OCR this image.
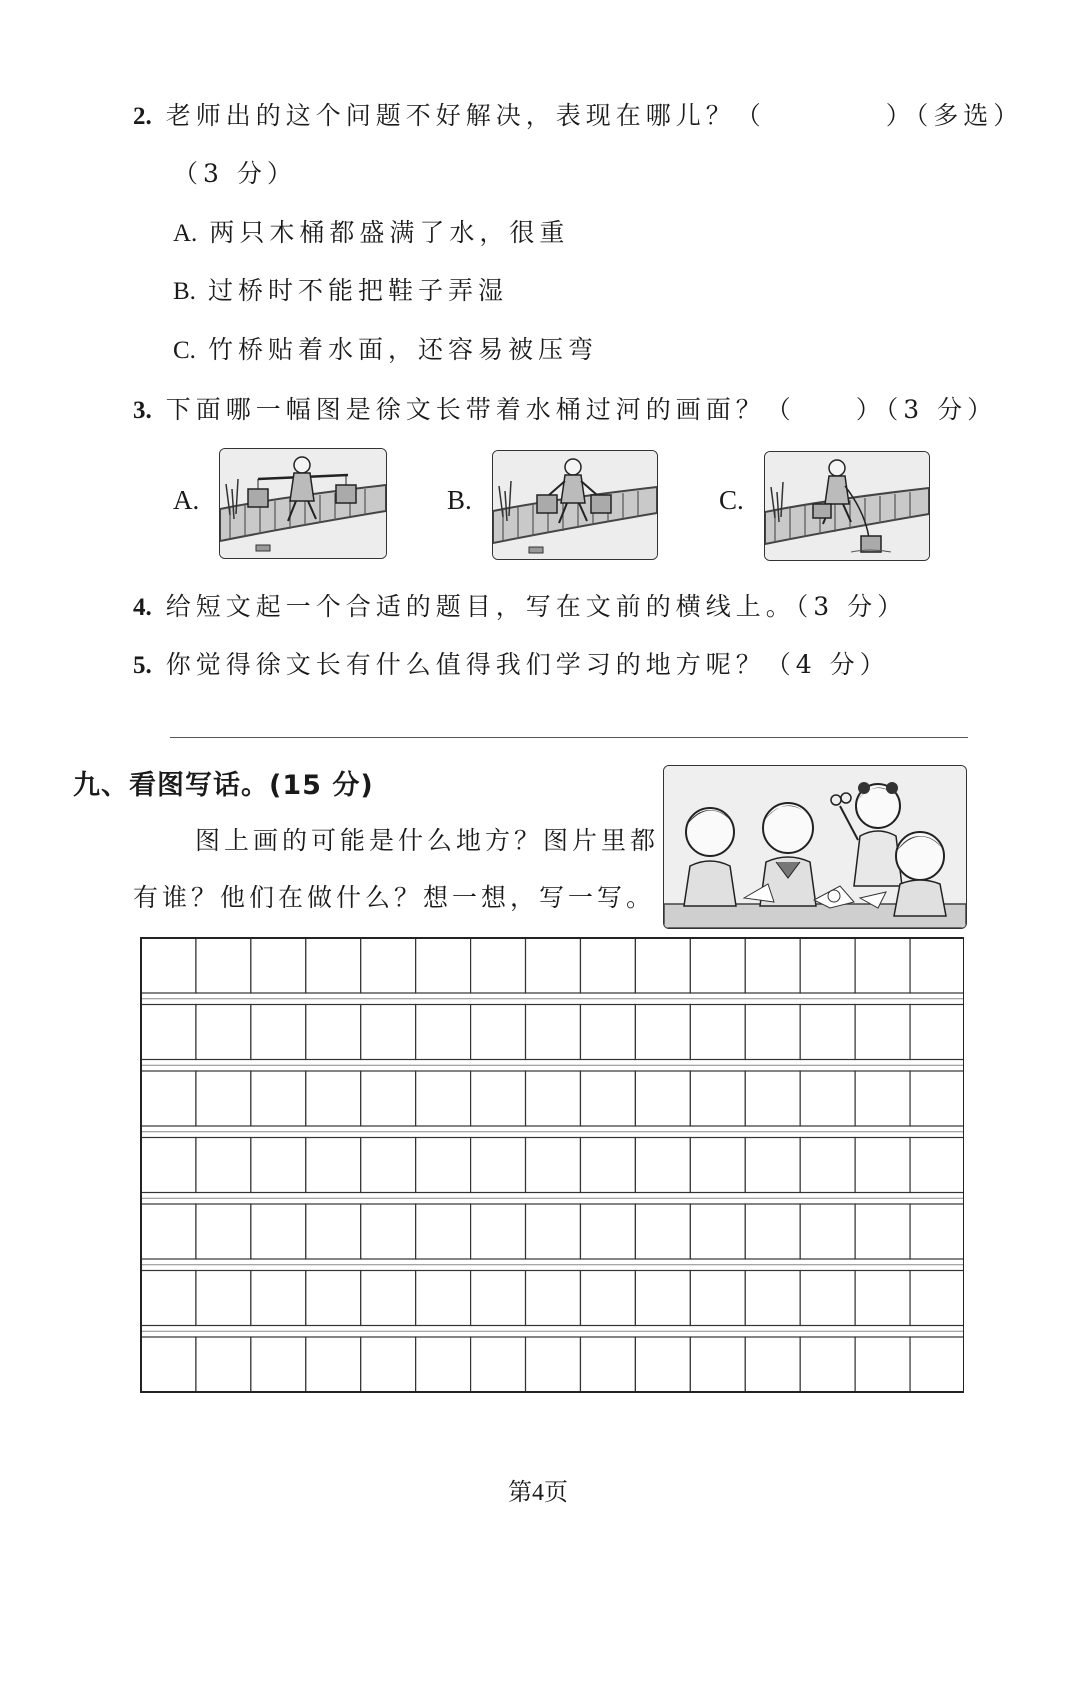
2. 老师出的这个问题不好解决，表现在哪儿？（　　　　）（多选）
（3 分）
A. 两只木桶都盛满了水，很重
B. 过桥时不能把鞋子弄湿
C. 竹桥贴着水面，还容易被压弯
3. 下面哪一幅图是徐文长带着水桶过河的画面？（　　）（3 分）
A.	B.	C.
4. 给短文起一个合适的题目，写在文前的横线上。（3 分）
5. 你觉得徐文长有什么值得我们学习的地方呢？（4 分）
九、看图写话。(15 分)
图上画的可能是什么地方？图片里都
有谁？他们在做什么？想一想，写一写。
第4页
